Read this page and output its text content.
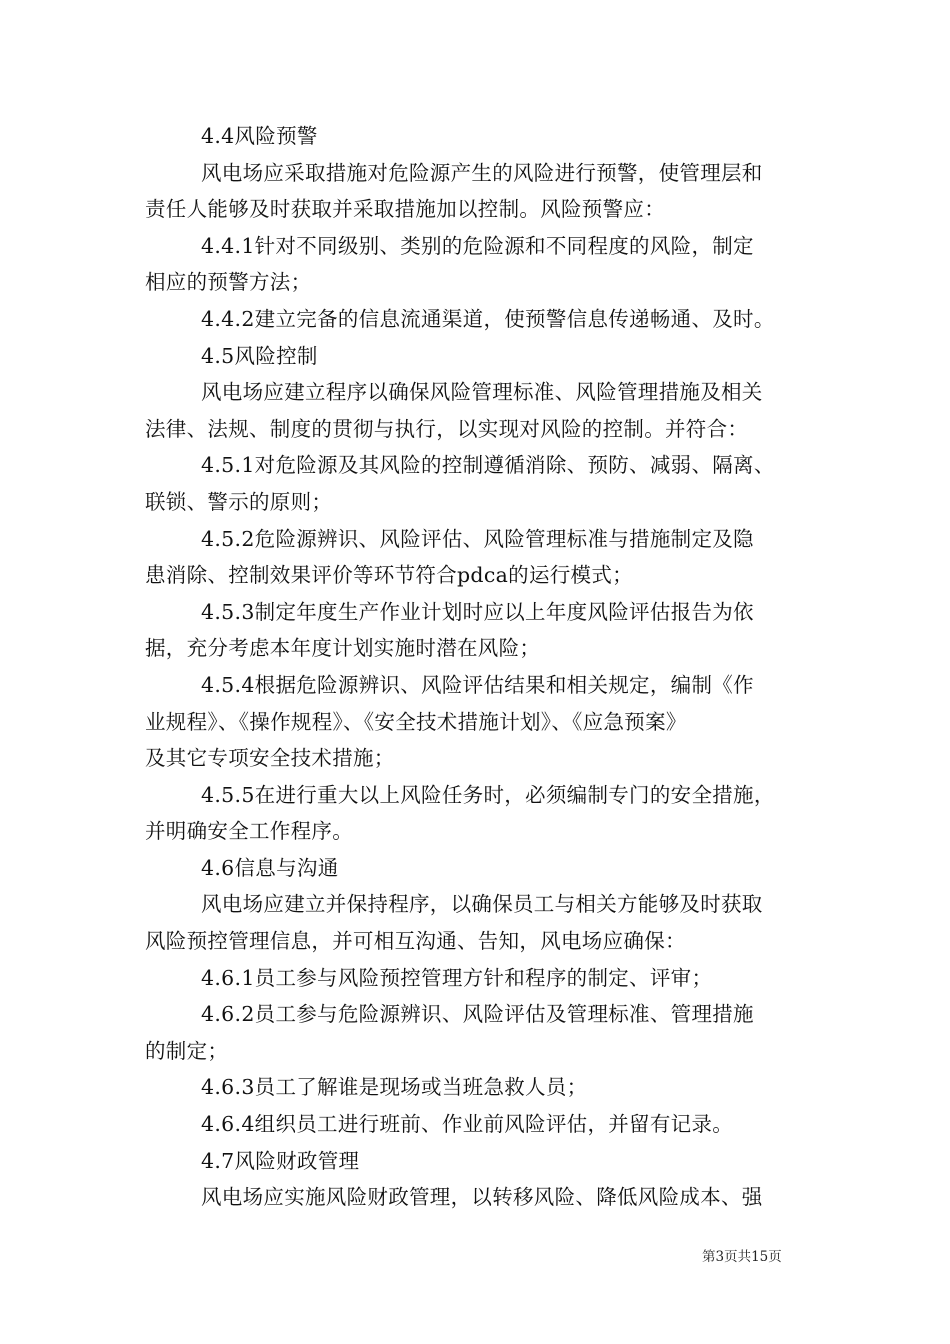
4.4风险预警
风电场应采取措施对危险源产生的风险进行预警，使管理层和
责任人能够及时获取并采取措施加以控制。风险预警应：
4.4.1针对不同级别、类别的危险源和不同程度的风险，制定
相应的预警方法；
4.4.2建立完备的信息流通渠道，使预警信息传递畅通、及时。
4.5风险控制
风电场应建立程序以确保风险管理标准、风险管理措施及相关
法律、法规、制度的贯彻与执行，以实现对风险的控制。并符合：
4.5.1对危险源及其风险的控制遵循消除、预防、减弱、隔离、
联锁、警示的原则；
4.5.2危险源辨识、风险评估、风险管理标准与措施制定及隐
患消除、控制效果评价等环节符合pdca的运行模式；
4.5.3制定年度生产作业计划时应以上年度风险评估报告为依
据，充分考虑本年度计划实施时潜在风险；
4.5.4根据危险源辨识、风险评估结果和相关规定，编制《作
业规程》、《操作规程》、《安全技术措施计划》、《应急预案》
及其它专项安全技术措施；
4.5.5在进行重大以上风险任务时，必须编制专门的安全措施，
并明确安全工作程序。
4.6信息与沟通
风电场应建立并保持程序，以确保员工与相关方能够及时获取
风险预控管理信息，并可相互沟通、告知，风电场应确保：
4.6.1员工参与风险预控管理方针和程序的制定、评审；
4.6.2员工参与危险源辨识、风险评估及管理标准、管理措施
的制定；
4.6.3员工了解谁是现场或当班急救人员；
4.6.4组织员工进行班前、作业前风险评估，并留有记录。
4.7风险财政管理
风电场应实施风险财政管理，以转移风险、降低风险成本、强
第3页共15页
